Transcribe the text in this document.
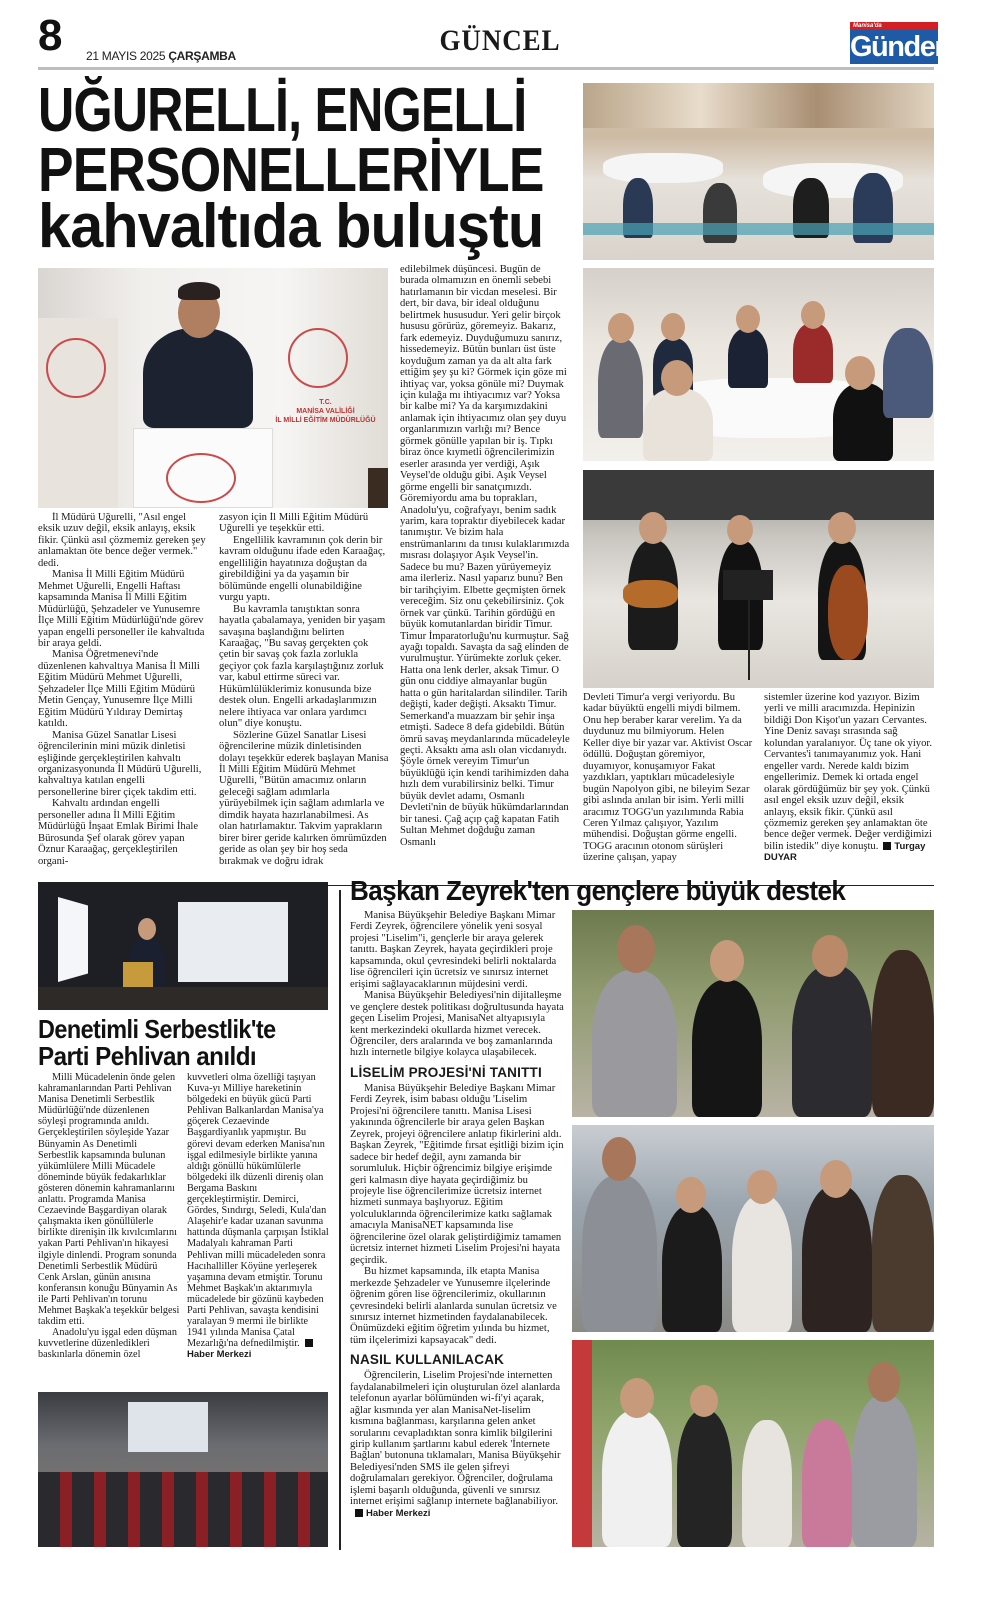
8 21 MAYIS 2025 ÇARŞAMBA	GÜNCEL	Manisa'da
Gündem
UĞURELLİ, ENGELLİ
PERSONELLERİYLE
kahvaltıda buluştu
T.C.
MANİSA VALİLİĞİ
İL MİLLİ EĞİTİM MÜDÜRLÜĞÜ

İl Müdürü Uğurelli, "Asıl engel eksik uzuv değil, eksik anlayış, eksik fikir. Çünkü asıl çözmemiz gereken şey anlamaktan öte bence değer vermek." dedi.

Manisa İl Milli Eğitim Müdürü Mehmet Uğurelli, Engelli Haftası kapsamında Manisa İl Milli Eğitim Müdürlüğü, Şehzadeler ve Yunusemre İlçe Milli Eğitim Müdürlüğü'nde görev yapan engelli personeller ile kahvaltıda bir araya geldi.

Manisa Öğretmenevi'nde düzenlenen kahvaltıya Manisa İl Milli Eğitim Müdürü Mehmet Uğurelli, Şehzadeler İlçe Milli Eğitim Müdürü Metin Gençay, Yunusemre İlçe Milli Eğitim Müdürü Yıldıray Demirtaş katıldı.

Manisa Güzel Sanatlar Lisesi öğrencilerinin mini müzik dinletisi eşliğinde gerçekleştirilen kahvaltı organizasyonunda İl Müdürü Uğurelli, kahvaltıya katılan engelli personellerine birer çiçek takdim etti.

Kahvaltı ardından engelli personeller adına İl Milli Eğitim Müdürlüğü İnşaat Emlak Birimi İhale Bürosunda Şef olarak görev yapan Öznur Karaağaç, gerçekleştirilen organi-

zasyon için İl Milli Eğitim Müdürü Uğurelli ye teşekkür etti.

Engellilik kavramının çok derin bir kavram olduğunu ifade eden Karaağaç, engelliliğin hayatınıza doğuştan da girebildiğini ya da yaşamın bir bölümünde engelli olunabildiğine vurgu yaptı.

Bu kavramla tanıştıktan sonra hayatla çabalamaya, yeniden bir yaşam savaşına başlandığını belirten Karaağaç, "Bu savaş gerçekten çok çetin bir savaş çok fazla zorlukla geçiyor çok fazla karşılaştığınız zorluk var, kabul ettirme süreci var. Hükümlülüklerimiz konusunda bize destek olun. Engelli arkadaşlarımızın nelere ihtiyaca var onlara yardımcı olun" diye konuştu.

Sözlerine Güzel Sanatlar Lisesi öğrencilerine müzik dinletisinden dolayı teşekkür ederek başlayan Manisa İl Milli Eğitim Müdürü Mehmet Uğurelli, "Bütün amacımız onların geleceği sağlam adımlarla yürüyebilmek için sağlam adımlarla ve dimdik hayata hazırlanabilmesi. As olan hatırlamaktır. Takvim yaprakların birer birer geride kalırken ömrümüzden geride as olan şey bir hoş seda bırakmak ve doğru idrak

edilebilmek düşüncesi. Bugün de burada olmamızın en önemli sebebi hatırlamanın bir vicdan meselesi. Bir dert, bir dava, bir ideal olduğunu belirtmek hususudur. Yeri gelir birçok hususu görürüz, göremeyiz. Bakarız, fark edemeyiz. Duyduğumuzu sanırız, hissedemeyiz. Bütün bunları üst üste koyduğum zaman ya da alt alta fark ettiğim şey şu ki? Görmek için göze mi ihtiyaç var, yoksa gönüle mi? Duymak için kulağa mı ihtiyacımız var? Yoksa bir kalbe mi? Ya da karşımızdakini anlamak için ihtiyacımız olan şey duyu organlarımızın varlığı mı? Bence görmek gönülle yapılan bir iş. Tıpkı biraz önce kıymetli öğrencilerimizin eserler arasında yer verdiği, Aşık Veysel'de olduğu gibi. Aşık Veysel görme engelli bir sanatçımızdı. Göremiyordu ama bu toprakları, Anadolu'yu, coğrafyayı, benim sadık yarim, kara topraktır diyebilecek kadar tanımıştır. Ve bizim hala enstrümanlarını da tınısı kulaklarımızda mısrası dolaşıyor Aşık Veysel'in. Sadece bu mu? Bazen yürüyemeyiz ama ilerleriz. Nasıl yaparız bunu? Ben bir tarihçiyim. Elbette geçmişten örnek vereceğim. Siz onu çekebilirsiniz. Çok örnek var çünkü. Tarihin gördüğü en büyük komutanlardan biridir Timur. Timur İmparatorluğu'nu kurmuştur. Sağ ayağı topaldı. Savaşta da sağ elinden de vurulmuştur. Yürümekte zorluk çeker. Hatta ona lenk derler, aksak Timur. O gün onu ciddiye almayanlar bugün hatta o gün haritalardan silindiler. Tarih değişti, kader değişti. Aksaktı Timur. Semerkand'a muazzam bir şehir inşa etmişti. Sadece 8 defa gidebildi. Bütün ömrü savaş meydanlarında mücadeleyle geçti. Aksaktı ama aslı olan vicdanıydı. Şöyle örnek vereyim Timur'un büyüklüğü için kendi tarihimizden daha hızlı dem vurabilirsiniz belki. Timur büyük devlet adamı, Osmanlı Devleti'nin de büyük hükümdarlarından bir tanesi. Çağ açıp çağ kapatan Fatih Sultan Mehmet doğduğu zaman Osmanlı

Devleti Timur'a vergi veriyordu. Bu kadar büyüktü engelli miydi bilmem. Onu hep beraber karar verelim. Ya da duydunuz mu bilmiyorum. Helen Keller diye bir yazar var. Aktivist Oscar ödüllü. Doğuştan göremiyor, duyamıyor, konuşamıyor Fakat yazdıkları, yaptıkları mücadelesiyle bugün Napolyon gibi, ne bileyim Sezar gibi aslında anılan bir isim. Yerli milli aracımız TOGG'un yazılımında Rabia Ceren Yılmaz çalışıyor, Yazılım mühendisi. Doğuştan görme engelli. TOGG aracının otonom sürüşleri üzerine çalışan, yapay

sistemler üzerine kod yazıyor. Bizim yerli ve milli aracımızda. Hepinizin bildiği Don Kişot'un yazarı Cervantes. Yine Deniz savaşı sırasında sağ kolundan yaralanıyor. Üç tane ok yiyor. Cervantes'i tanımayanımız yok. Hani engeller vardı. Nerede kaldı bizim engellerimiz. Demek ki ortada engel olarak gördüğümüz bir şey yok. Çünkü asıl engel eksik uzuv değil, eksik anlayış, eksik fikir. Çünkü asıl çözmemiz gereken şey anlamaktan öte bence değer vermek. Değer verdiğimizi bilin istedik" diye konuştu. Turgay DUYAR

Denetimli Serbestlik'te
Parti Pehlivan anıldı

Milli Mücadelenin önde gelen kahramanlarından Parti Pehlivan Manisa Denetimli Serbestlik Müdürlüğü'nde düzenlenen söyleşi programında anıldı. Gerçekleştirilen söyleşide Yazar Bünyamin As Denetimli Serbestlik kapsamında bulunan yükümlülere Milli Mücadele döneminde büyük fedakarlıklar gösteren dönemin kahramanlarını anlattı. Programda Manisa Cezaevinde Başgardiyan olarak çalışmakta iken gönüllülerle birlikte direnişin ilk kıvılcımlarını yakan Parti Pehlivan'ın hikayesi ilgiyle dinlendi. Program sonunda Denetimli Serbestlik Müdürü Cenk Arslan, günün anısına konferansın konuğu Bünyamin As ile Parti Pehlivan'ın torunu Mehmet Başkak'a teşekkür belgesi takdim etti.

Anadolu'yu işgal eden düşman kuvvetlerine düzenledikleri baskınlarla dönemin özel

kuvvetleri olma özelliği taşıyan Kuva-yı Milliye hareketinin bölgedeki en büyük gücü Parti Pehlivan Balkanlardan Manisa'ya göçerek Cezaevinde Başgardiyanlık yapmıştır. Bu görevi devam ederken Manisa'nın işgal edilmesiyle birlikte yanına aldığı gönüllü hükümlülerle bölgedeki ilk düzenli direniş olan Bergama Baskını gerçekleştirmiştir. Demirci, Gördes, Sındırgı, Seledi, Kula'dan Alaşehir'e kadar uzanan savunma hattında düşmanla çarpışan İstiklal Madalyalı kahraman Parti Pehlivan milli mücadeleden sonra Hacıhalliller Köyüne yerleşerek yaşamına devam etmiştir. Torunu Mehmet Başkak'ın aktarımıyla mücadelede bir gözünü kaybeden Parti Pehlivan, savaşta kendisini yaralayan 9 mermi ile birlikte 1941 yılında Manisa Çatal Mezarlığı'na defnedilmiştir.Haber Merkezi

Başkan Zeyrek'ten gençlere büyük destek

Manisa Büyükşehir Belediye Başkanı Mimar Ferdi Zeyrek, öğrencilere yönelik yeni sosyal projesi "Liselim"i, gençlerle bir araya gelerek tanıttı. Başkan Zeyrek, hayata geçirdikleri proje kapsamında, okul çevresindeki belirli noktalarda lise öğrencileri için ücretsiz ve sınırsız internet erişimi sağlayacaklarının müjdesini verdi.

Manisa Büyükşehir Belediyesi'nin dijitalleşme ve gençlere destek politikası doğrultusunda hayata geçen Liselim Projesi, ManisaNet altyapısıyla kent merkezindeki okullarda hizmet verecek. Öğrenciler, ders aralarında ve boş zamanlarında hızlı internetle bilgiye kolayca ulaşabilecek.

LİSELİM PROJESİ'Nİ TANITTI

Manisa Büyükşehir Belediye Başkanı Mimar Ferdi Zeyrek, isim babası olduğu 'Liselim Projesi'ni öğrencilere tanıttı. Manisa Lisesi yakınında öğrencilerle bir araya gelen Başkan Zeyrek, projeyi öğrencilere anlatıp fikirlerini aldı. Başkan Zeyrek, "Eğitimde fırsat eşitliği bizim için sadece bir hedef değil, aynı zamanda bir sorumluluk. Hiçbir öğrencimiz bilgiye erişimde geri kalmasın diye hayata geçirdiğimiz bu projeyle lise öğrencilerimize ücretsiz internet hizmeti sunmaya başlıyoruz. Eğitim yolculuklarında öğrencilerimize katkı sağlamak amacıyla ManisaNET kapsamında lise öğrencilerine özel olarak geliştirdiğimiz tamamen ücretsiz internet hizmeti Liselim Projesi'ni hayata geçirdik.

Bu hizmet kapsamında, ilk etapta Manisa merkezde Şehzadeler ve Yunusemre ilçelerinde öğrenim gören lise öğrencilerimiz, okullarının çevresindeki belirli alanlarda sunulan ücretsiz ve sınırsız internet hizmetinden faydalanabilecek. Önümüzdeki eğitim öğretim yılında bu hizmet, tüm ilçelerimizi kapsayacak" dedi.

NASIL KULLANILACAK

Öğrencilerin, Liselim Projesi'nde internetten faydalanabilmeleri için oluşturulan özel alanlarda telefonun ayarlar bölümünden wi-fi'yi açarak, ağlar kısmında yer alan ManisaNet-liselim kısmına bağlanması, karşılarına gelen anket sorularını cevapladıktan sonra kimlik bilgilerini girip kullanım şartlarını kabul ederek 'İnternete Bağlan' butonuna tıklamaları, Manisa Büyükşehir Belediyesi'nden SMS ile gelen şifreyi doğrulamaları gerekiyor. Öğrenciler, doğrulama işlemi başarılı olduğunda, güvenli ve sınırsız internet erişimi sağlanıp internete bağlanabiliyor.Haber Merkezi
